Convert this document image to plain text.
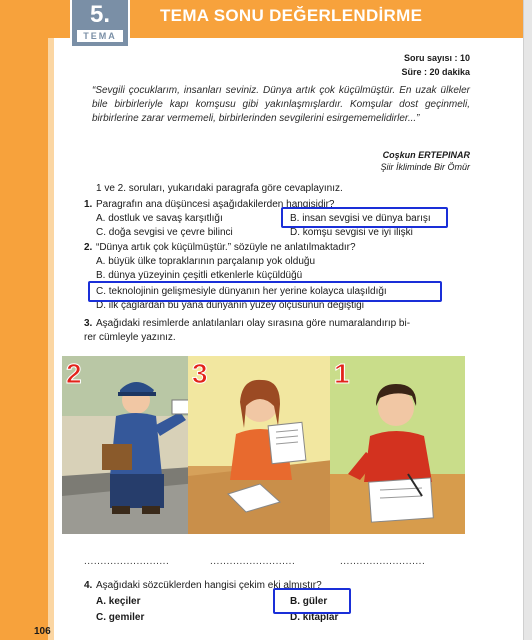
5.
TEMA
TEMA SONU DEĞERLENDİRME
Soru sayısı : 10
Süre : 20 dakika
“Sevgili çocuklarım, insanları seviniz. Dünya artık çok küçülmüştür. En uzak ülkeler bile birbirleriyle kapı komşusu gibi yakınlaşmışlardır. Komşular dost geçinmeli, birbirlerine zarar vermemeli, birbirlerinden sevgilerini esirgememelidirler...”
Coşkun ERTEPINAR
Şiir İkliminde Bir Ömür
1 ve 2. soruları, yukarıdaki paragrafa göre cevaplayınız.
1. Paragrafın ana düşüncesi aşağıdakilerden hangisidir?
A. dostluk ve savaş karşıtlığı	B. insan sevgisi ve dünya barışı
C. doğa sevgisi ve çevre bilinci	D. komşu sevgisi ve iyi ilişki
2. “Dünya artık çok küçülmüştür.” sözüyle ne anlatılmaktadır?
A. büyük ülke topraklarının parçalanıp yok olduğu
B. dünya yüzeyinin çeşitli etkenlerle küçüldüğü
C. teknolojinin gelişmesiyle dünyanın her yerine kolayca ulaşıldığı
D. ilk çağlardan bu yana dünyanın yüzey ölçüsünün değiştiği
3. Aşağıdaki resimlerde anlatılanları olay sırasına göre numaralandırıp bi-
rer cümleyle yazınız.
2	3	1
..........................	..........................	..........................
4. Aşağıdaki sözcüklerden hangisi çekim eki almıştır?
A. keçiler	B. güler
C. gemiler	D. kitaplar
106
